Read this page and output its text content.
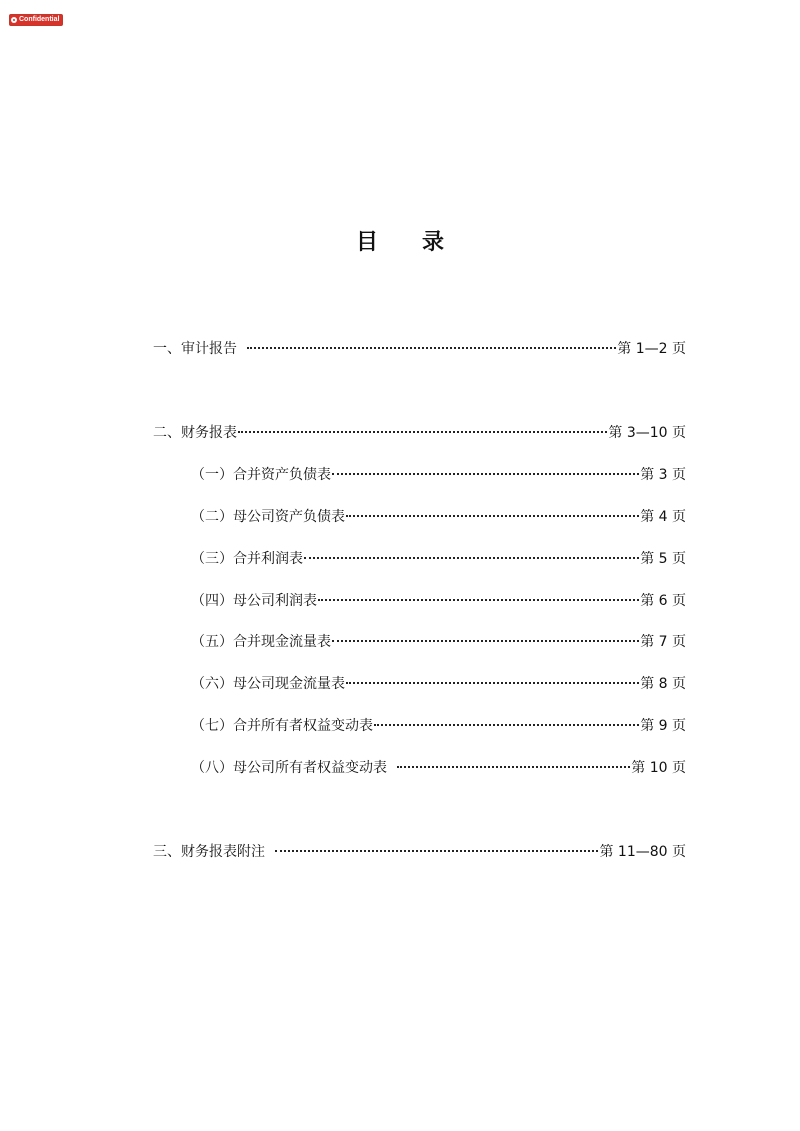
Confidential
目录
一、审计报告	第 1—2 页
二、财务报表	第 3—10 页
（一）合并资产负债表	第 3 页
（二）母公司资产负债表	第 4 页
（三）合并利润表	第 5 页
（四）母公司利润表	第 6 页
（五）合并现金流量表	第 7 页
（六）母公司现金流量表	第 8 页
（七）合并所有者权益变动表	第 9 页
（八）母公司所有者权益变动表	第 10 页
三、财务报表附注	第 11—80 页
